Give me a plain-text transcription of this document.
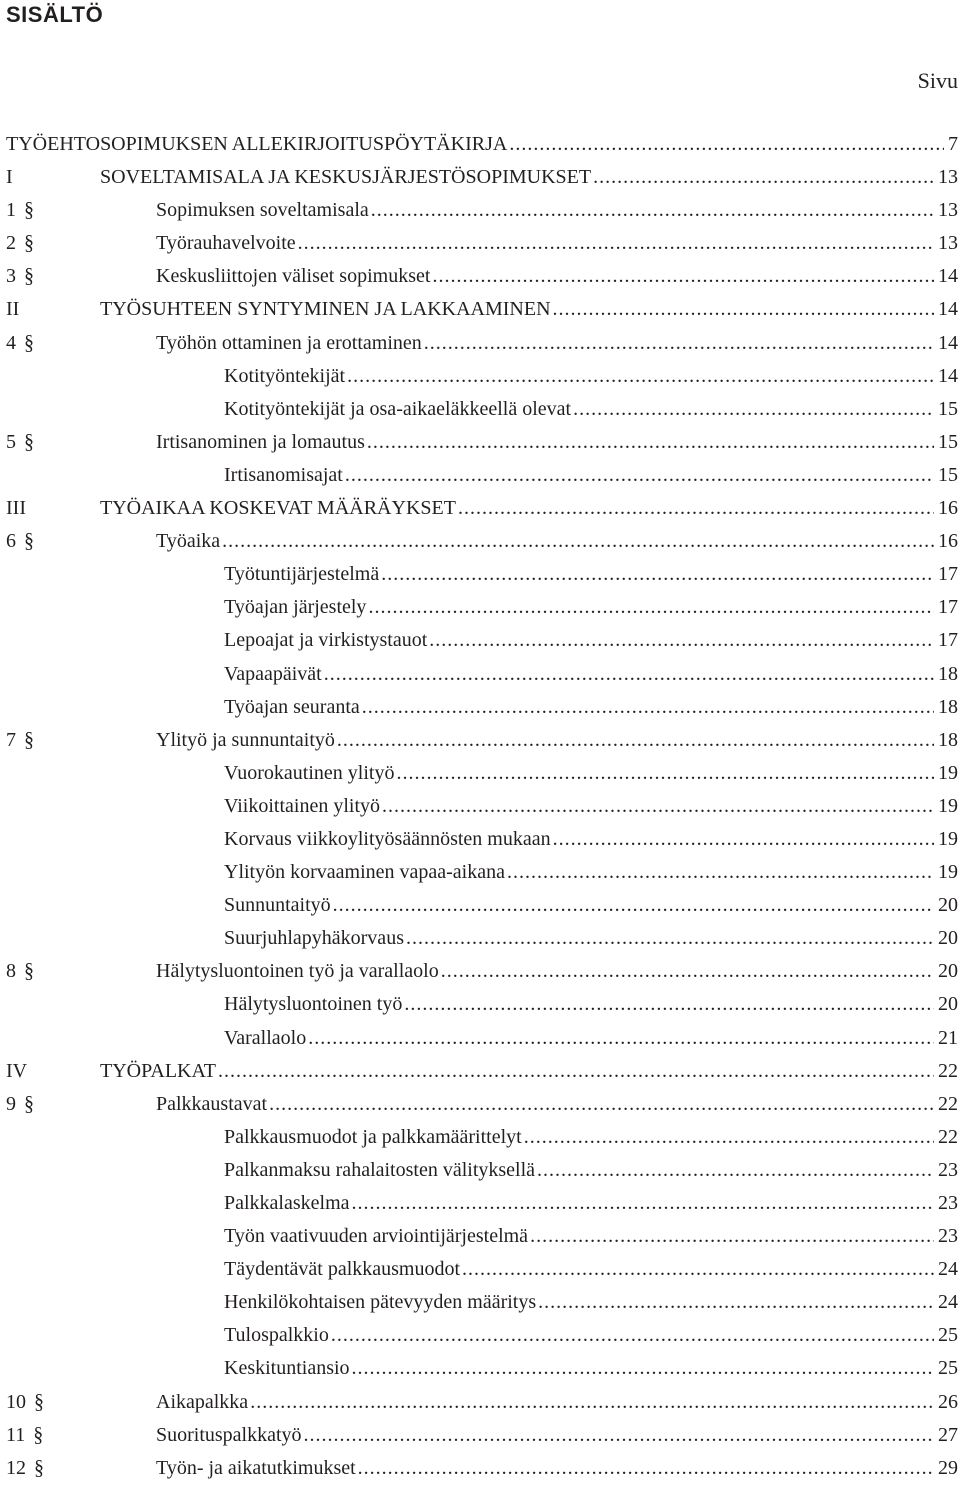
SISÄLTÖ
Sivu
TYÖEHTOSOPIMUKSEN ALLEKIRJOITUSPÖYTÄKIRJA .....	7
I	SOVELTAMISALA JA KESKUSJÄRJESTÖSOPIMUKSET .....	13
1 §	Sopimuksen soveltamisala .....	13
2 §	Työrauhavelvoite .....	13
3 §	Keskusliittojen väliset sopimukset .....	14
II	TYÖSUHTEEN SYNTYMINEN JA LAKKAAMINEN .....	14
4 §	Työhön ottaminen ja erottaminen .....	14
Kotityöntekijät .....	14
Kotityöntekijät ja osa-aikaeläkkeellä olevat .....	15
5 §	Irtisanominen ja lomautus .....	15
Irtisanomisajat .....	15
III	TYÖAIKAA KOSKEVAT MÄÄRÄYKSET .....	16
6 §	Työaika .....	16
Työtuntijärjestelmä .....	17
Työajan järjestely .....	17
Lepoajat ja virkistystauot .....	17
Vapaapäivät .....	18
Työajan seuranta .....	18
7 §	Ylityö ja sunnuntaityö .....	18
Vuorokautinen ylityö .....	19
Viikoittainen ylityö .....	19
Korvaus viikkoylityösäännösten mukaan .....	19
Ylityön korvaaminen vapaa-aikana .....	19
Sunnuntaityö .....	20
Suurjuhlapyhäkorvaus .....	20
8 §	Hälytysluontoinen työ ja varallaolo .....	20
Hälytysluontoinen työ .....	20
Varallaolo .....	21
IV	TYÖPALKAT .....	22
9 §	Palkkaustavat .....	22
Palkkausmuodot ja palkkamäärittelyt .....	22
Palkanmaksu rahalaitosten välityksellä .....	23
Palkkalaskelma .....	23
Työn vaativuuden arviointijärjestelmä .....	23
Täydentävät palkkausmuodot .....	24
Henkilökohtaisen pätevyyden määritys .....	24
Tulospalkkio .....	25
Keskituntiansio .....	25
10 §	Aikapalkka .....	26
11 §	Suorituspalkkatyö .....	27
12 §	Työn- ja aikatutkimukset .....	29
